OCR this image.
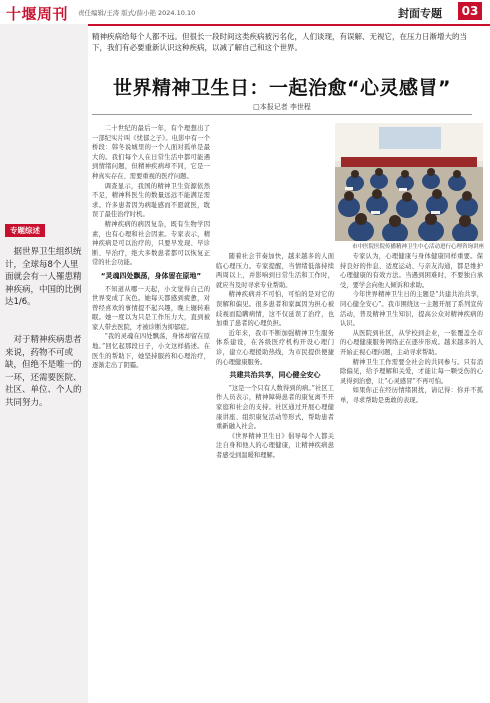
十堰周刊 责任编辑/王涛 版式/薛小艳 2024.10.10	封面专题	03
专题综述
据世界卫生组织统计，全球每8个人里面就会有一人罹患精神疾病，中国的比例达1/6。
对于精神疾病患者来说，药物不可或缺，但绝不是唯一的一环，还需要医院、社区、单位、个人的共同努力。
精神疾病给每个人都不远。但很长一段时间这类疾病被污名化，人们谈现，有误解、无视它，在压力日渐增大的当下，我们有必要重新认识这种疾病，以减了解自己和这个世界。
世界精神卫生日：一起治愈“心灵感冒”
□本报记者 李世程
市中医院医院传播精神卫生中心活动进行心理咨询讲座

二十世纪的最后一年，有个理想出了一部纪实片叫《忧郁之子》。电影中有一个桥段：韩冬说城里的一个人面对孤单是最大的。我们每个人在日常生活中都可能遇到情绪问题，但精神疾病却不同，它是一种真实存在、需要重视的医疗问题。

调查显示，我国的精神卫生资源依然不足，精神科医生的数量远远不能满足需求。许多患者因为病耻感而不愿就医，耽误了最佳治疗时机。

精神疾病的病因复杂，既有生物学因素，也有心理和社会因素。专家表示，精神疾病是可以治疗的，只要早发现、早诊断、早治疗，绝大多数患者都可以恢复正常的社会功能。

“灵魂四处飘荡，身体留在原地”

不知道从哪一天起，小文觉得自己的世界变成了灰色。她每天都感到疲惫，对曾经喜欢的事情提不起兴趣，晚上辗转难眠。她一度以为只是工作压力大，直到被家人带去医院，才被诊断为抑郁症。

“我的灵魂在四处飘荡，身体却留在原地。”回忆起那段日子，小文这样描述。在医生的帮助下，她坚持服药和心理治疗，逐渐走出了阴霾。

随着社会节奏加快，越来越多的人面临心理压力。专家提醒，当情绪低落持续两周以上，并影响到日常生活和工作时，就应当及时寻求专业帮助。

精神疾病并不可怕，可怕的是对它的误解和偏见。很多患者和家属因为担心被歧视而隐瞒病情，这不仅延误了治疗，也加重了患者的心理负担。

近年来，我市不断加强精神卫生服务体系建设，在各级医疗机构开设心理门诊，建立心理援助热线，为市民提供便捷的心理健康服务。

共建共治共享，同心健全安心

“这是一个只有人数得到的病。”社区工作人员表示，精神障碍患者的康复离不开家庭和社会的支持。社区通过开展心理健康讲座、组织康复活动等形式，帮助患者重新融入社会。

《世界精神卫生日》倡导每个人都关注自身和他人的心理健康，让精神疾病患者感受到温暖和理解。

专家认为，心理健康与身体健康同样重要。保持良好的作息、适度运动、与亲友沟通，都是维护心理健康的有效方法。当遇到困难时，不要独自承受，要学会向他人倾诉和求助。

今年世界精神卫生日的主题是“共建共治共享，同心健全安心”。我市围绕这一主题开展了系列宣传活动，普及精神卫生知识，提高公众对精神疾病的认识。

从医院到社区，从学校到企业，一张覆盖全市的心理健康服务网络正在逐步形成。越来越多的人开始正视心理问题，主动寻求帮助。

精神卫生工作需要全社会的共同参与。只有消除偏见，给予理解和关爱，才能让每一颗受伤的心灵得到治愈，让“心灵感冒”不再可怕。

如果你正在经历情绪困扰，请记得：你并不孤单，寻求帮助是勇敢的表现。
